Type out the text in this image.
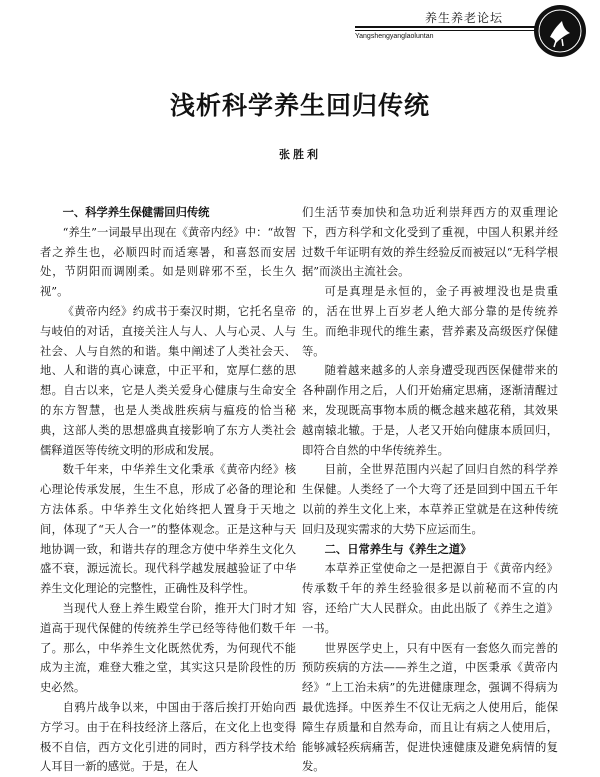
养生养老论坛
Yangshengyanglaoluntan
浅析科学养生回归传统
张胜利
一、科学养生保健需回归传统

“养生”一词最早出现在《黄帝内经》中：“故智者之养生也，必顺四时而适寒暑，和喜怒而安居处，节阴阳而调刚柔。如是则辟邪不至，长生久视”。

《黄帝内经》约成书于秦汉时期，它托名皇帝与岐伯的对话，直接关注人与人、人与心灵、人与社会、人与自然的和谐。集中阐述了人类社会天、地、人和谐的真心谏意，中正平和，宽厚仁慈的思想。自古以来，它是人类关爱身心健康与生命安全的东方智慧，也是人类战胜疾病与瘟疫的恰当秘典，这部人类的思想盛典直接影响了东方人类社会儒释道医等传统文明的形成和发展。

数千年来，中华养生文化秉承《黄帝内经》核心理论传承发展，生生不息，形成了必备的理论和方法体系。中华养生文化始终把人置身于天地之间，体现了“天人合一”的整体观念。正是这种与天地协调一致，和谐共存的理念方使中华养生文化久盛不衰，源远流长。现代科学越发展越验证了中华养生文化理论的完整性，正确性及科学性。

当现代人登上养生殿堂台阶，推开大门时才知道高于现代保健的传统养生学已经等待他们数千年了。那么，中华养生文化既然优秀，为何现代不能成为主流，难登大雅之堂，其实这只是阶段性的历史必然。

自鸦片战争以来，中国由于落后挨打开始向西方学习。由于在科技经济上落后，在文化上也变得极不自信，西方文化引进的同时，西方科学技术给人耳目一新的感觉。于是，在人

们生活节奏加快和急功近利崇拜西方的双重理论下，西方科学和文化受到了重视，中国人积累并经过数千年证明有效的养生经验反而被冠以“无科学根据”而淡出主流社会。

可是真理是永恒的，金子再被埋没也是贵重的，活在世界上百岁老人绝大部分靠的是传统养生。而绝非现代的维生素，营养素及高级医疗保健等。

随着越来越多的人亲身遭受现西医保健带来的各种副作用之后，人们开始痛定思痛，逐渐清醒过来，发现既高事物本质的概念越来越花稍，其效果越南辕北辙。于是，人老又开始向健康本质回归，即符合自然的中华传统养生。

目前，全世界范围内兴起了回归自然的科学养生保健。人类经了一个大弯了还是回到中国五千年以前的养生文化上来，本草养正堂就是在这种传统回归及现实需求的大势下应运而生。

二、日常养生与《养生之道》

本草养正堂使命之一是把源自于《黄帝内经》传承数千年的养生经验很多是以前秘而不宣的内容，还给广大人民群众。由此出版了《养生之道》一书。

世界医学史上，只有中医有一套悠久而完善的预防疾病的方法——养生之道，中医秉承《黄帝内经》“上工治未病”的先进健康理念，强调不得病为最优选择。中医养生不仅让无病之人使用后，能保障生存质量和自然寿命，而且让有病之人使用后，能够减轻疾病痛苦，促进快速健康及避免病情的复发。
